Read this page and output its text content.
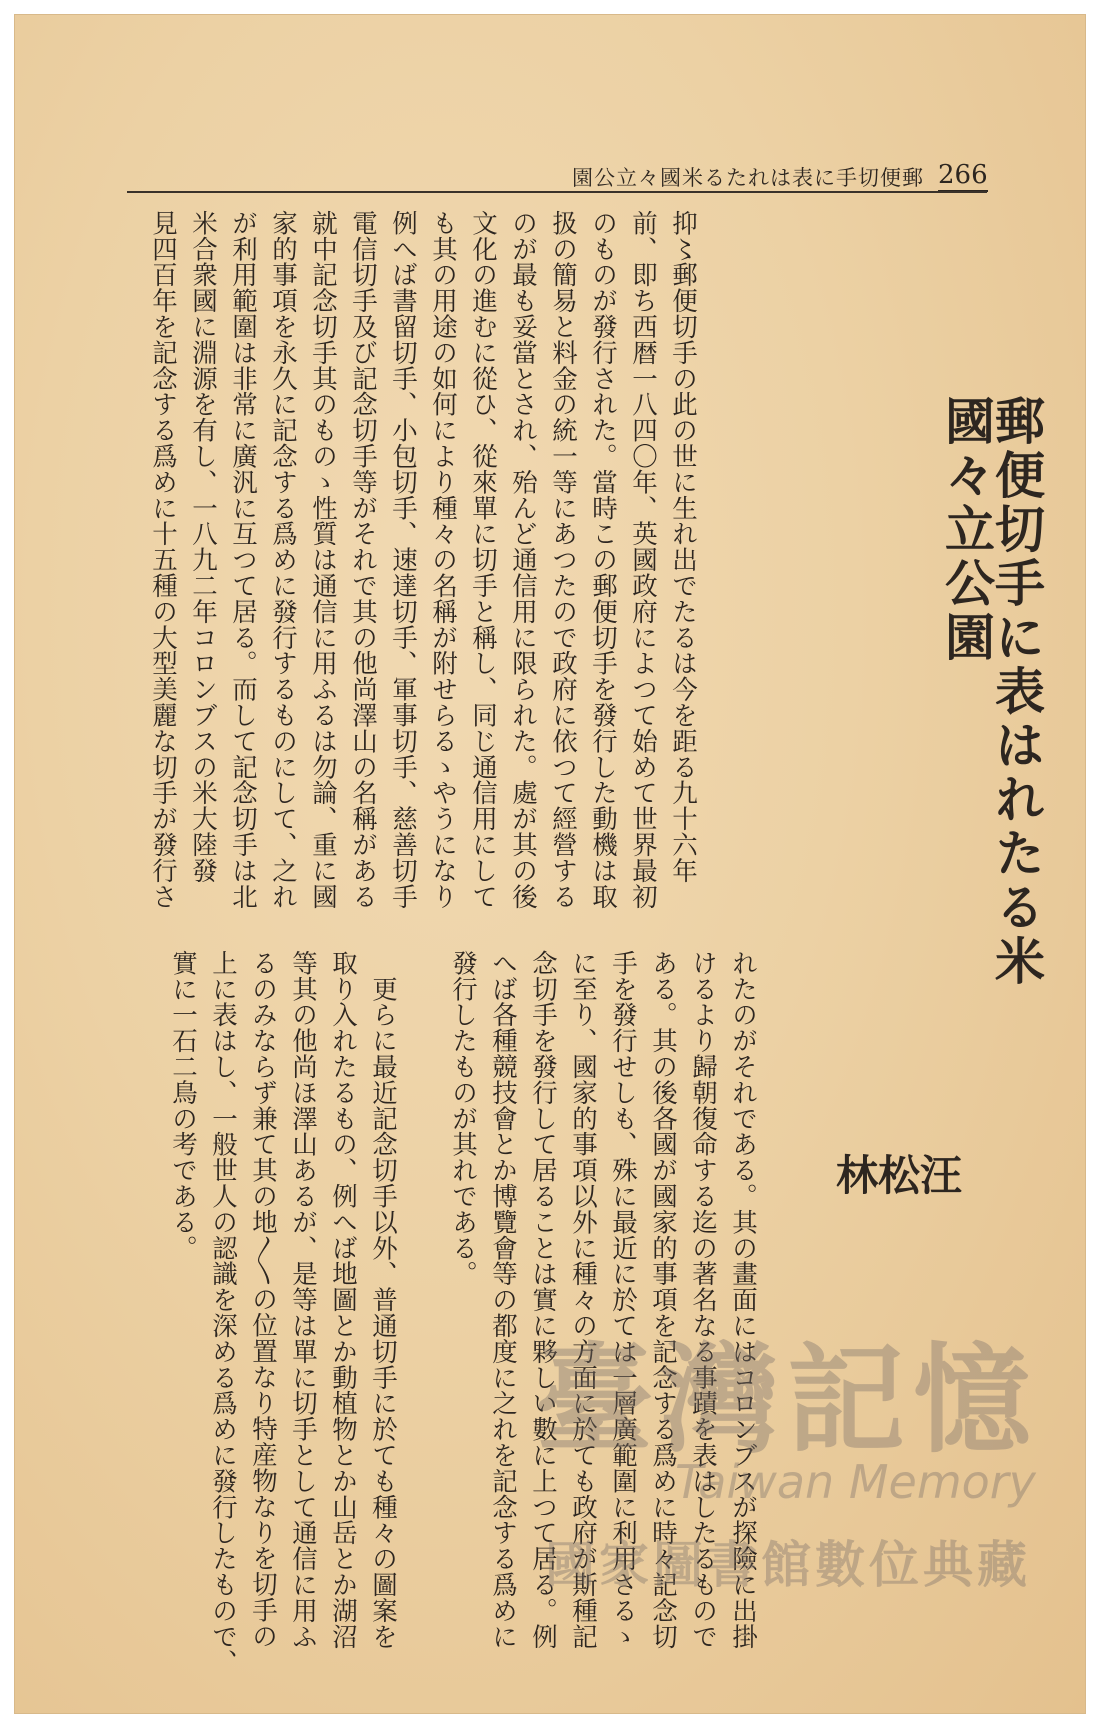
郵便切手に表はれたる米國々立公園 266
郵便切手に表はれたる米國々立公園
汪
松
林
抑〻郵便切手の此の世に生れ出でたるは今を距る九十六年
前、即ち西暦一八四〇年、英國政府によつて始めて世界最初
のものが發行された。當時この郵便切手を發行した動機は取
扱の簡易と料金の統一等にあつたので政府に依つて經營する
のが最も妥當とされ、殆んど通信用に限られた。處が其の後
文化の進むに從ひ、從來單に切手と稱し、同じ通信用にして
も其の用途の如何により種々の名稱が附せらるゝやうになり
例へば書留切手、小包切手、速達切手、軍事切手、慈善切手
電信切手及び記念切手等がそれで其の他尚澤山の名稱がある
就中記念切手其のものゝ性質は通信に用ふるは勿論、重に國
家的事項を永久に記念する爲めに發行するものにして、之れ
が利用範圍は非常に廣汎に互つて居る。而して記念切手は北
米合衆國に淵源を有し、一八九二年コロンブスの米大陸發
見四百年を記念する爲めに十五種の大型美麗な切手が發行さ
れたのがそれである。其の畫面にはコロンブスが探險に出掛
けるより歸朝復命する迄の著名なる事蹟を表はしたるもので
ある。其の後各國が國家的事項を記念する爲めに時々記念切
手を發行せしも、殊に最近に於ては一層廣範圍に利用さるゝ
に至り、國家的事項以外に種々の方面に於ても政府が斯種記
念切手を發行して居ることは實に夥しい數に上つて居る。例
へば各種競技會とか博覽會等の都度に之れを記念する爲めに
發行したものが其れである。
　更らに最近記念切手以外、普通切手に於ても種々の圖案を
取り入れたるもの、例へば地圖とか動植物とか山岳とか湖沼
等其の他尚ほ澤山あるが、是等は單に切手として通信に用ふ
るのみならず兼て其の地〳〵の位置なり特産物なりを切手の
上に表はし、一般世人の認識を深める爲めに發行したもので、
實に一石二鳥の考である。
臺灣記憶
Taiwan Memory
國家圖書館數位典藏
